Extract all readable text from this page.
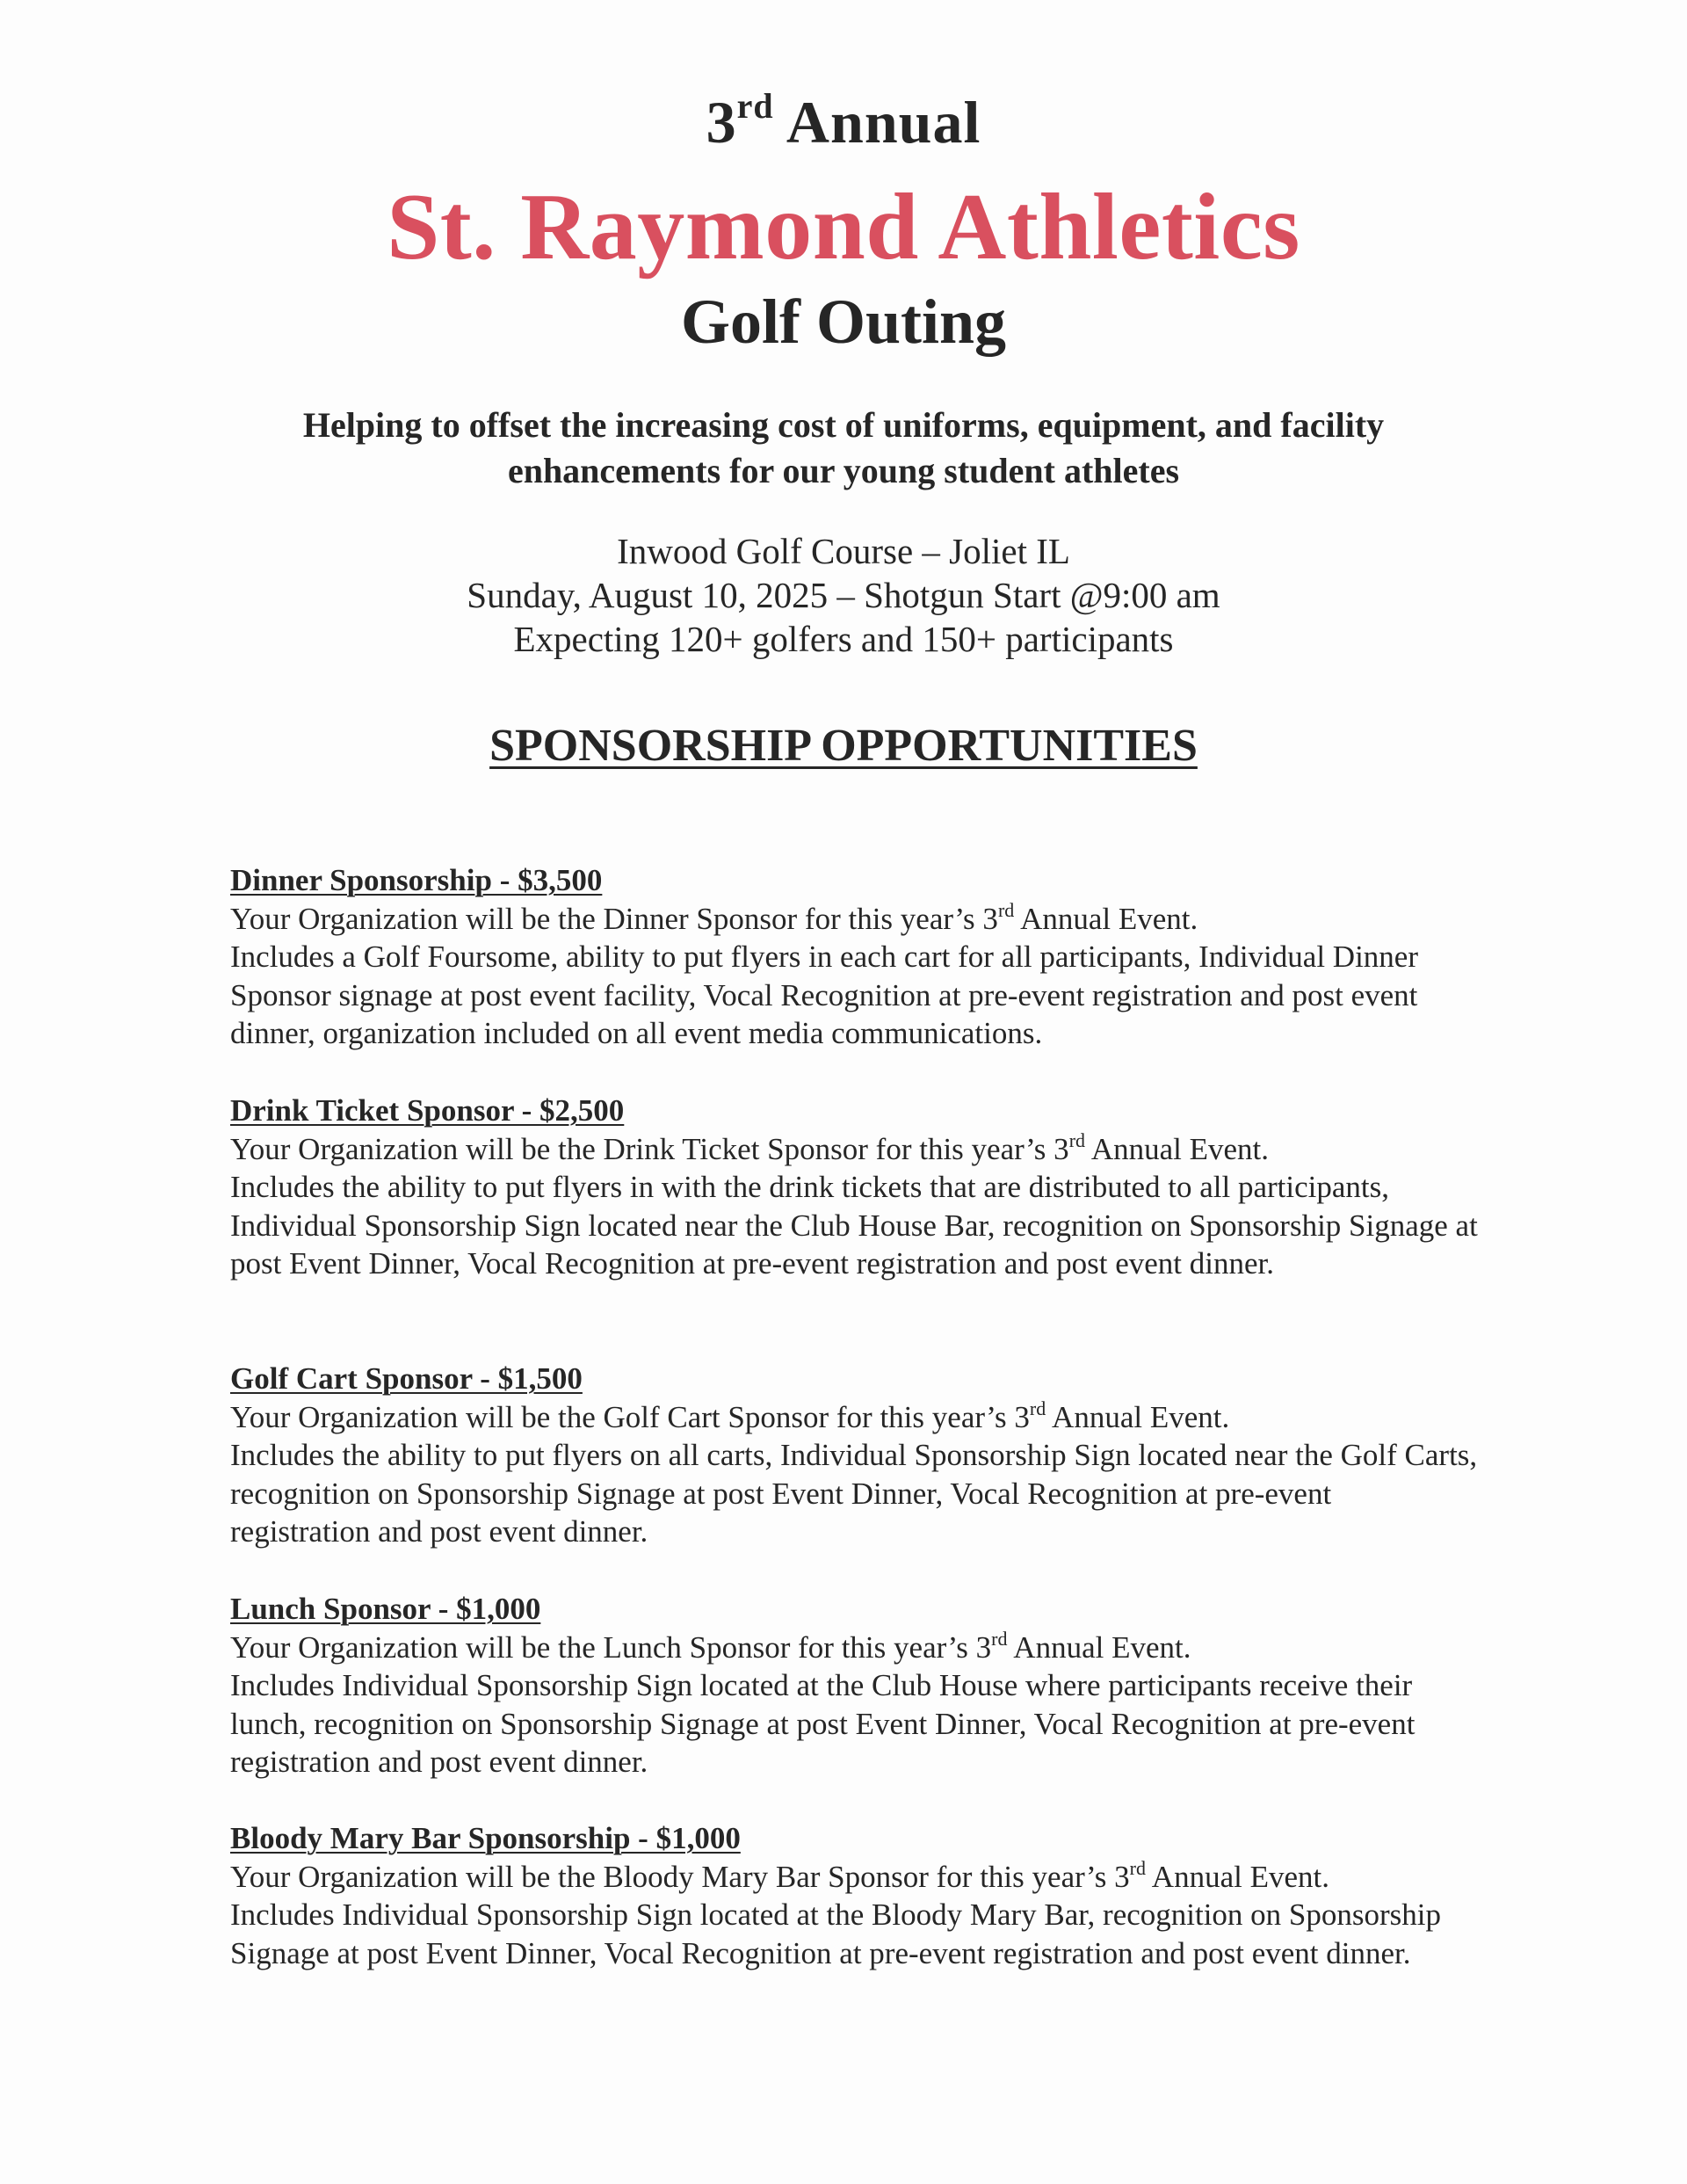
3rd Annual
St. Raymond Athletics
Golf Outing
Helping to offset the increasing cost of uniforms, equipment, and facility
enhancements for our young student athletes
Inwood Golf Course – Joliet IL
Sunday, August 10, 2025 – Shotgun Start @9:00 am
Expecting 120+ golfers and 150+ participants
SPONSORSHIP OPPORTUNITIES
Dinner Sponsorship - $3,500
Your Organization will be the Dinner Sponsor for this year’s 3rd Annual Event.
Includes a Golf Foursome, ability to put flyers in each cart for all participants, Individual Dinner Sponsor signage at post event facility, Vocal Recognition at pre-event registration and post event dinner, organization included on all event media communications.
Drink Ticket Sponsor - $2,500
Your Organization will be the Drink Ticket Sponsor for this year’s 3rd Annual Event.
Includes the ability to put flyers in with the drink tickets that are distributed to all participants, Individual Sponsorship Sign located near the Club House Bar, recognition on Sponsorship Signage at post Event Dinner, Vocal Recognition at pre-event registration and post event dinner.
Golf Cart Sponsor - $1,500
Your Organization will be the Golf Cart Sponsor for this year’s 3rd Annual Event.
Includes the ability to put flyers on all carts, Individual Sponsorship Sign located near the Golf Carts, recognition on Sponsorship Signage at post Event Dinner, Vocal Recognition at pre-event registration and post event dinner.
Lunch Sponsor - $1,000
Your Organization will be the Lunch Sponsor for this year’s 3rd Annual Event.
Includes Individual Sponsorship Sign located at the Club House where participants receive their lunch, recognition on Sponsorship Signage at post Event Dinner, Vocal Recognition at pre-event registration and post event dinner.
Bloody Mary Bar Sponsorship - $1,000
Your Organization will be the Bloody Mary Bar Sponsor for this year’s 3rd Annual Event.
Includes Individual Sponsorship Sign located at the Bloody Mary Bar, recognition on Sponsorship Signage at post Event Dinner, Vocal Recognition at pre-event registration and post event dinner.
